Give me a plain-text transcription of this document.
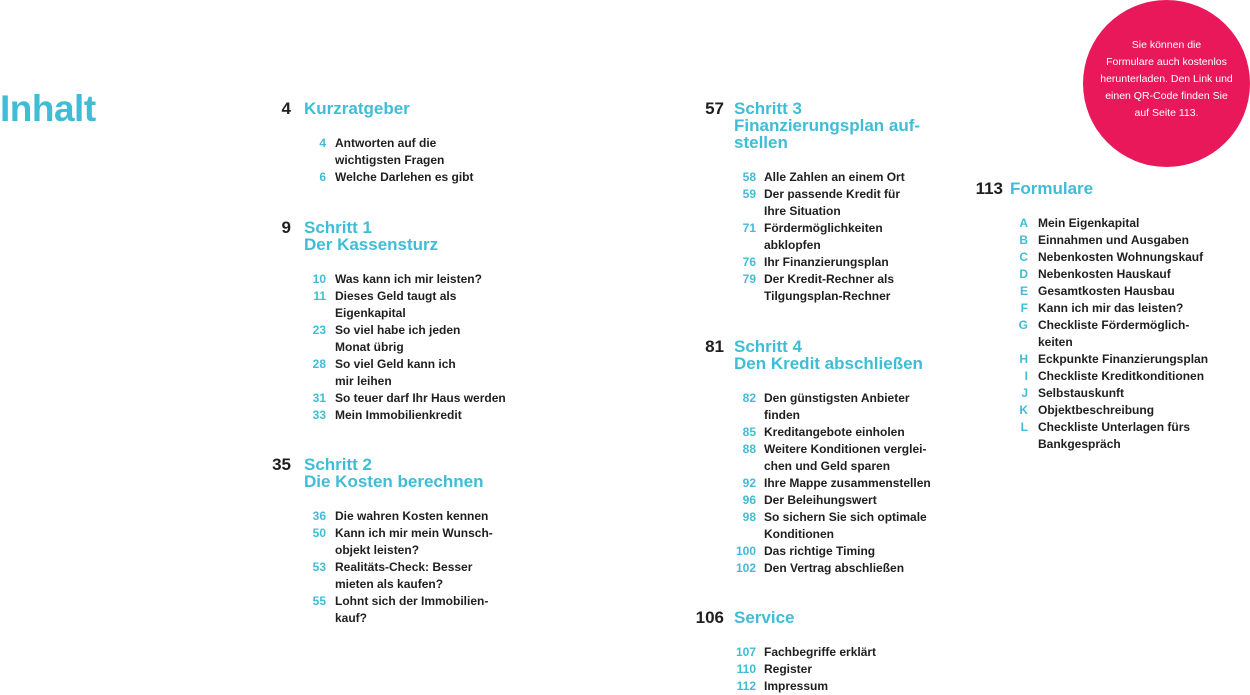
Inhalt
Sie können die
Formulare auch kostenlos
herunterladen. Den Link und
einen QR-Code finden Sie
auf Seite 113.
4 Kurzratgeber
4 Antworten auf die
wichtigsten Fragen
6 Welche Darlehen es gibt
9 Schritt 1
Der Kassensturz
10 Was kann ich mir leisten?
11 Dieses Geld taugt als
Eigenkapital
23 So viel habe ich jeden
Monat übrig
28 So viel Geld kann ich
mir leihen
31 So teuer darf Ihr Haus werden
33 Mein Immobilienkredit
35 Schritt 2
Die Kosten berechnen
36 Die wahren Kosten kennen
50 Kann ich mir mein Wunsch-
objekt leisten?
53 Realitäts-Check: Besser
mieten als kaufen?
55 Lohnt sich der Immobilien-
kauf?
57 Schritt 3
Finanzierungsplan auf-
stellen
58 Alle Zahlen an einem Ort
59 Der passende Kredit für
Ihre Situation
71 Fördermöglichkeiten
abklopfen
76 Ihr Finanzierungsplan
79 Der Kredit-Rechner als
Tilgungsplan-Rechner
81 Schritt 4
Den Kredit abschließen
82 Den günstigsten Anbieter
finden
85 Kreditangebote einholen
88 Weitere Konditionen verglei-
chen und Geld sparen
92 Ihre Mappe zusammenstellen
96 Der Beleihungswert
98 So sichern Sie sich optimale
Konditionen
100 Das richtige Timing
102 Den Vertrag abschließen
106 Service
107 Fachbegriffe erklärt
110 Register
112 Impressum
113 Formulare
A Mein Eigenkapital
B Einnahmen und Ausgaben
C Nebenkosten Wohnungskauf
D Nebenkosten Hauskauf
E Gesamtkosten Hausbau
F Kann ich mir das leisten?
G Checkliste Fördermöglich-
keiten
H Eckpunkte Finanzierungsplan
I Checkliste Kreditkonditionen
J Selbstauskunft
K Objektbeschreibung
L Checkliste Unterlagen fürs
Bankgespräch
